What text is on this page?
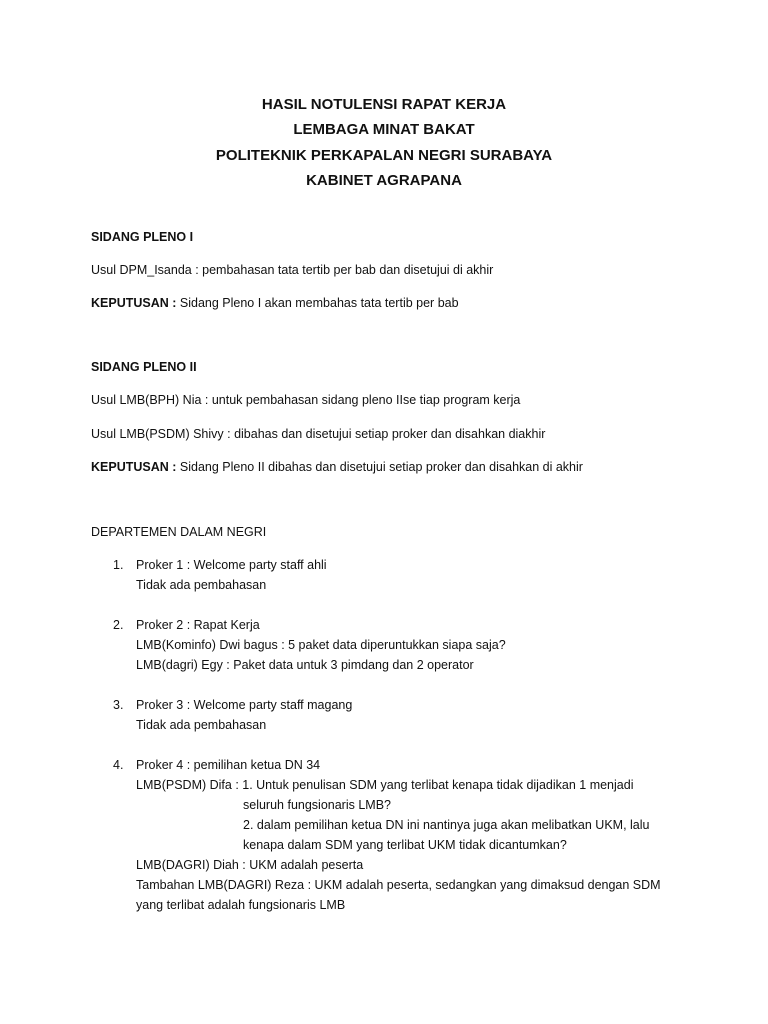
HASIL NOTULENSI RAPAT KERJA
LEMBAGA MINAT BAKAT
POLITEKNIK PERKAPALAN NEGRI SURABAYA
KABINET AGRAPANA
SIDANG PLENO I
Usul DPM_Isanda : pembahasan tata tertib per bab dan disetujui di akhir
KEPUTUSAN : Sidang Pleno I akan membahas tata tertib per bab
SIDANG PLENO II
Usul LMB(BPH) Nia : untuk pembahasan sidang pleno IIse tiap program kerja
Usul LMB(PSDM) Shivy : dibahas dan disetujui setiap proker dan disahkan diakhir
KEPUTUSAN : Sidang Pleno II dibahas dan disetujui setiap proker dan disahkan di akhir
DEPARTEMEN DALAM NEGRI
1. Proker 1 : Welcome party staff ahli
Tidak ada pembahasan
2. Proker 2 : Rapat Kerja
LMB(Kominfo) Dwi bagus : 5 paket data diperuntukkan siapa saja?
LMB(dagri) Egy : Paket data untuk 3 pimdang dan 2 operator
3. Proker 3 : Welcome party staff magang
Tidak ada pembahasan
4. Proker 4 : pemilihan ketua DN 34
LMB(PSDM) Difa : 1. Untuk penulisan SDM yang terlibat kenapa tidak dijadikan 1 menjadi
seluruh fungsionaris LMB?
2. dalam pemilihan ketua DN ini nantinya juga akan melibatkan UKM, lalu
kenapa dalam SDM yang terlibat UKM tidak dicantumkan?
LMB(DAGRI) Diah : UKM adalah peserta
Tambahan LMB(DAGRI) Reza : UKM adalah peserta, sedangkan yang dimaksud dengan SDM
yang terlibat adalah fungsionaris LMB
